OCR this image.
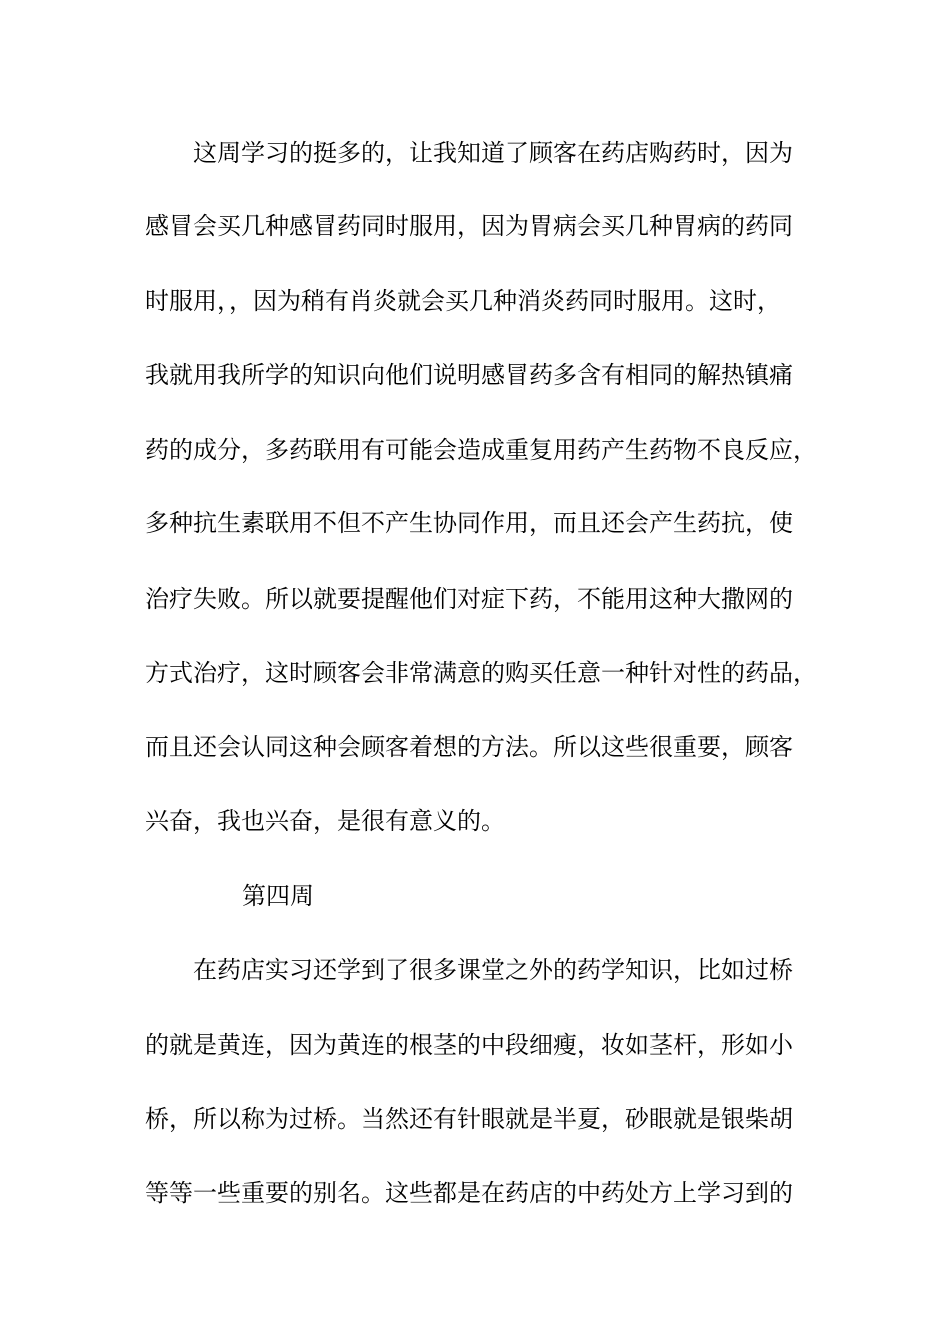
这周学习的挺多的，让我知道了顾客在药店购药时，因为
感冒会买几种感冒药同时服用，因为胃病会买几种胃病的药同
时服用，，因为稍有肖炎就会买几种消炎药同时服用。这时，
我就用我所学的知识向他们说明感冒药多含有相同的解热镇痛
药的成分，多药联用有可能会造成重复用药产生药物不良反应，
多种抗生素联用不但不产生协同作用，而且还会产生药抗，使
治疗失败。所以就要提醒他们对症下药，不能用这种大撒网的
方式治疗，这时顾客会非常满意的购买任意一种针对性的药品，
而且还会认同这种会顾客着想的方法。所以这些很重要，顾客
兴奋，我也兴奋，是很有意义的。
第四周
在药店实习还学到了很多课堂之外的药学知识，比如过桥
的就是黄连，因为黄连的根茎的中段细瘦，妆如茎杆，形如小
桥，所以称为过桥。当然还有针眼就是半夏，砂眼就是银柴胡
等等一些重要的别名。这些都是在药店的中药处方上学习到的
